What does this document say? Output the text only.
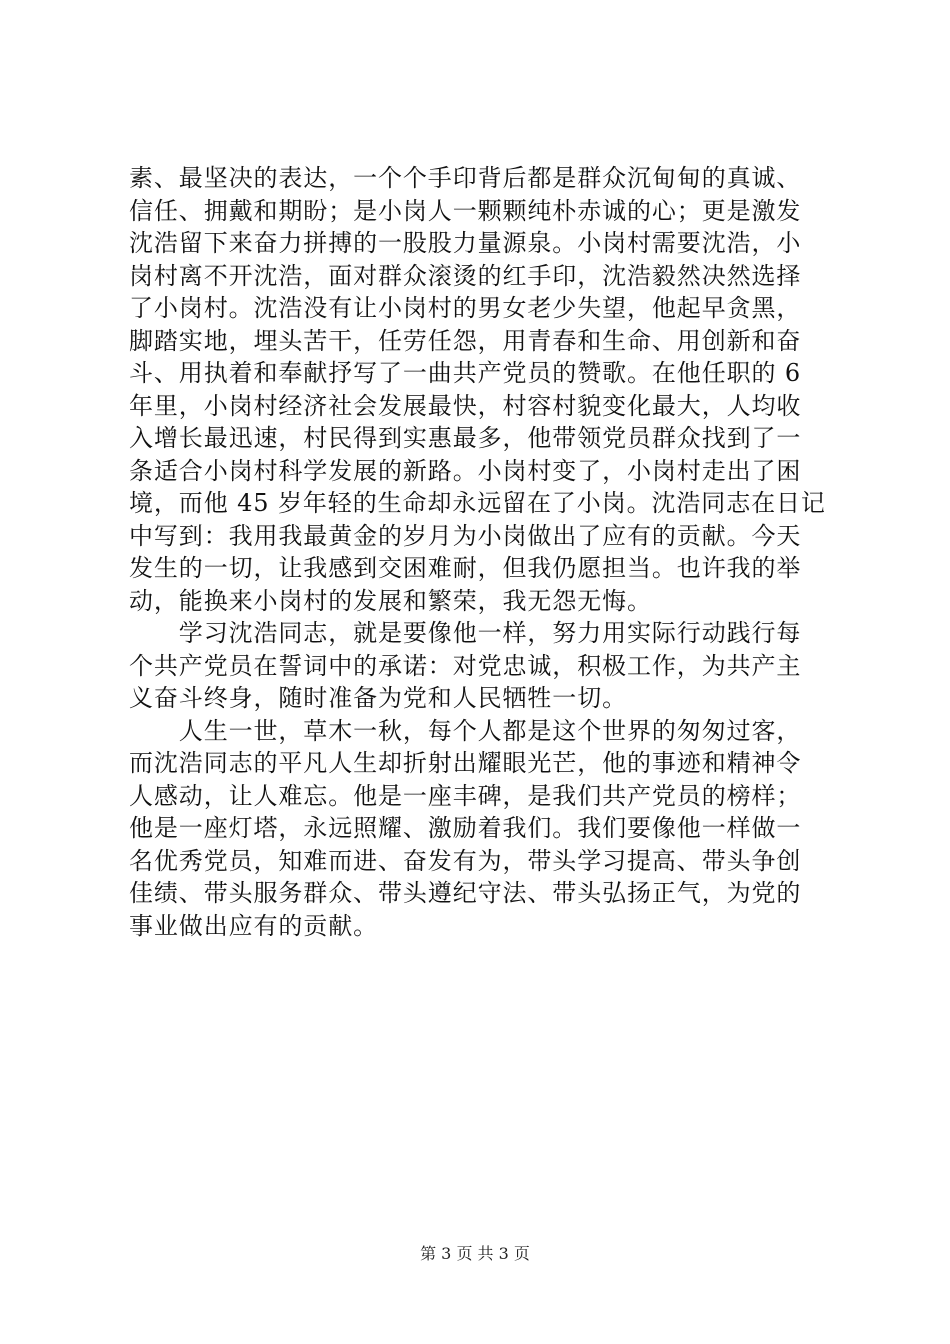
素、最坚决的表达，一个个手印背后都是群众沉甸甸的真诚、
信任、拥戴和期盼；是小岗人一颗颗纯朴赤诚的心；更是激发
沈浩留下来奋力拼搏的一股股力量源泉。小岗村需要沈浩，小
岗村离不开沈浩，面对群众滚烫的红手印，沈浩毅然决然选择
了小岗村。沈浩没有让小岗村的男女老少失望，他起早贪黑，
脚踏实地，埋头苦干，任劳任怨，用青春和生命、用创新和奋
斗、用执着和奉献抒写了一曲共产党员的赞歌。在他任职的 6
年里，小岗村经济社会发展最快，村容村貌变化最大，人均收
入增长最迅速，村民得到实惠最多，他带领党员群众找到了一
条适合小岗村科学发展的新路。小岗村变了，小岗村走出了困
境，而他 45 岁年轻的生命却永远留在了小岗。沈浩同志在日记
中写到：我用我最黄金的岁月为小岗做出了应有的贡献。今天
发生的一切，让我感到交困难耐，但我仍愿担当。也许我的举
动，能换来小岗村的发展和繁荣，我无怨无悔。
　　学习沈浩同志，就是要像他一样，努力用实际行动践行每
个共产党员在誓词中的承诺：对党忠诚，积极工作，为共产主
义奋斗终身，随时准备为党和人民牺牲一切。
　　人生一世，草木一秋，每个人都是这个世界的匆匆过客，
而沈浩同志的平凡人生却折射出耀眼光芒，他的事迹和精神令
人感动，让人难忘。他是一座丰碑，是我们共产党员的榜样；
他是一座灯塔，永远照耀、激励着我们。我们要像他一样做一
名优秀党员，知难而进、奋发有为，带头学习提高、带头争创
佳绩、带头服务群众、带头遵纪守法、带头弘扬正气，为党的
事业做出应有的贡献。
第 3 页 共 3 页
